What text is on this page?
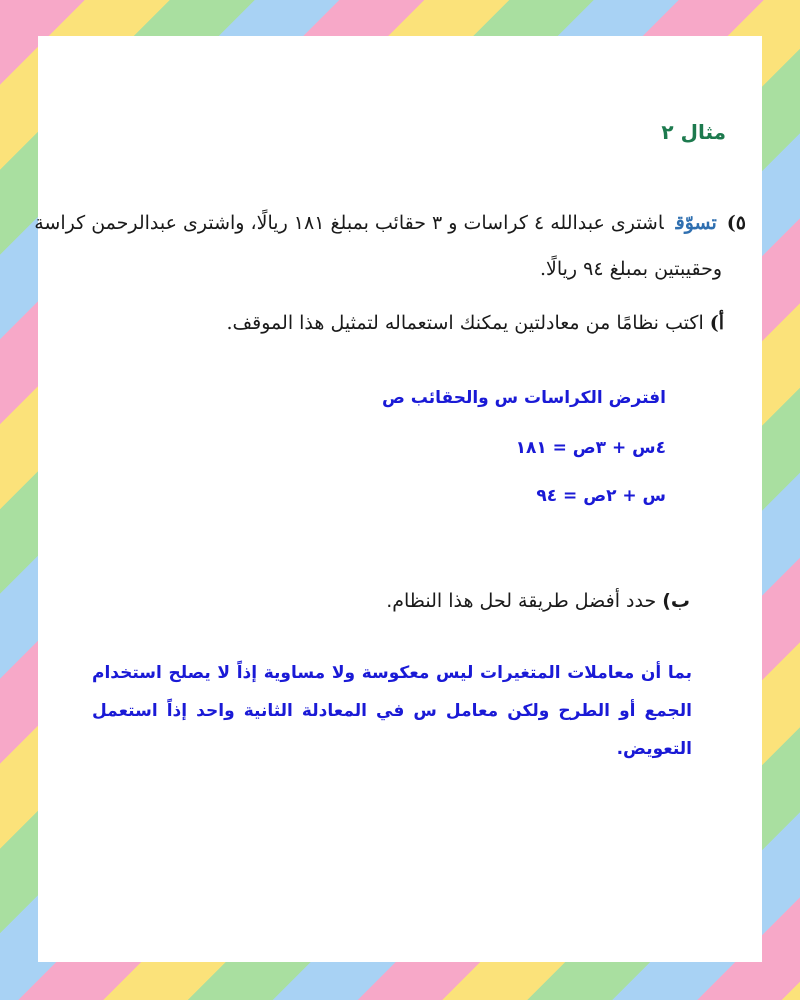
مثال ٢
٥)تسوّقاشترى عبدالله ٤ كراسات و ٣ حقائب بمبلغ ١٨١ ريالًا، واشترى عبدالرحمن كراسة
وحقيبتين بمبلغ ٩٤ ريالًا.
أ)اكتب نظامًا من معادلتين يمكنك استعماله لتمثيل هذا الموقف.
افترض الكراسات س والحقائب ص
٤س + ٣ص = ١٨١
س + ٢ص = ٩٤
ب)حدد أفضل طريقة لحل هذا النظام.
بما أن معاملات المتغيرات ليس معكوسة ولا مساوية إذاً لا يصلح استخدام الجمع أو الطرح ولكن معامل س في المعادلة الثانية واحد إذاً استعمل التعويض.
